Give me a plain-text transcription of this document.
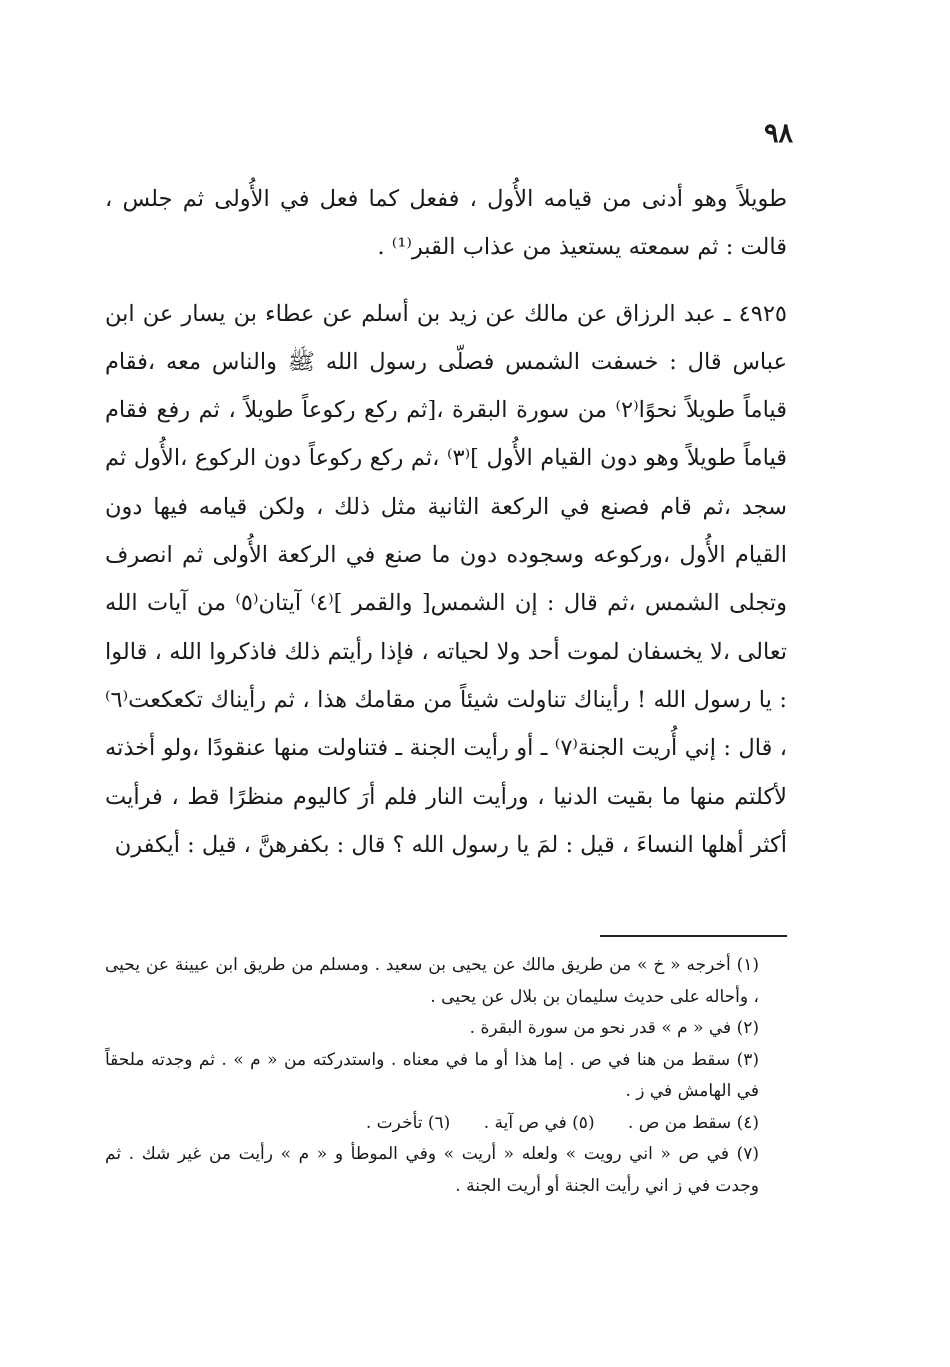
٩٨

طويلاً وهو أدنى من قيامه الأُول ، ففعل كما فعل في الأُولى ثم جلس ، قالت : ثم سمعته يستعيذ من عذاب القبر⁽¹⁾ .

٤٩٢٥ ـ عبد الرزاق عن مالك عن زيد بن أسلم عن عطاء بن يسار عن ابن عباس قال : خسفت الشمس فصلّى رسول الله ﷺ والناس معه ،فقام قياماً طويلاً نحوًا⁽٢⁾ من سورة البقرة ،[ثم ركع ركوعاً طويلاً ، ثم رفع فقام قياماً طويلاً وهو دون القيام الأُول ]⁽٣⁾ ،ثم ركع ركوعاً دون الركوع ،الأُول ثم سجد ،ثم قام فصنع في الركعة الثانية مثل ذلك ، ولكن قيامه فيها دون القيام الأُول ،وركوعه وسجوده دون ما صنع في الركعة الأُولى ثم انصرف وتجلى الشمس ،ثم قال : إن الشمس[ والقمر ]⁽٤⁾ آيتان⁽٥⁾ من آيات الله تعالى ،لا يخسفان لموت أحد ولا لحياته ، فإذا رأيتم ذلك فاذكروا الله ، قالوا : يا رسول الله ! رأيناك تناولت شيئاً من مقامك هذا ، ثم رأيناك تكعكعت⁽٦⁾ ، قال : إني أُريت الجنة⁽٧⁾ ـ أو رأيت الجنة ـ فتناولت منها عنقودًا ،ولو أخذته لأكلتم منها ما بقيت الدنيا ، ورأيت النار فلم أرَ كاليوم منظرًا قط ، فرأيت أكثر أهلها النساءَ ، قيل : لمَ يا رسول الله ؟ قال : بكفرهنَّ ، قيل : أيكفرن

(١) أخرجه « خ » من طريق مالك عن يحيى بن سعيد . ومسلم من طريق ابن عيينة عن يحيى ، وأحاله على حديث سليمان بن بلال عن يحيى .

(٢) في « م » قدر نحو من سورة البقرة .

(٣) سقط من هنا في ص . إما هذا أو ما في معناه . واستدركته من « م » . ثم وجدته ملحقاً في الهامش في ز .

(٤) سقط من ص . (٥) في ص آية . (٦) تأخرت .

(٧) في ص « اني رويت » ولعله « أريت » وفي الموطأ و « م » رأيت من غير شك . ثم وجدت في ز اني رأيت الجنة أو أريت الجنة .
